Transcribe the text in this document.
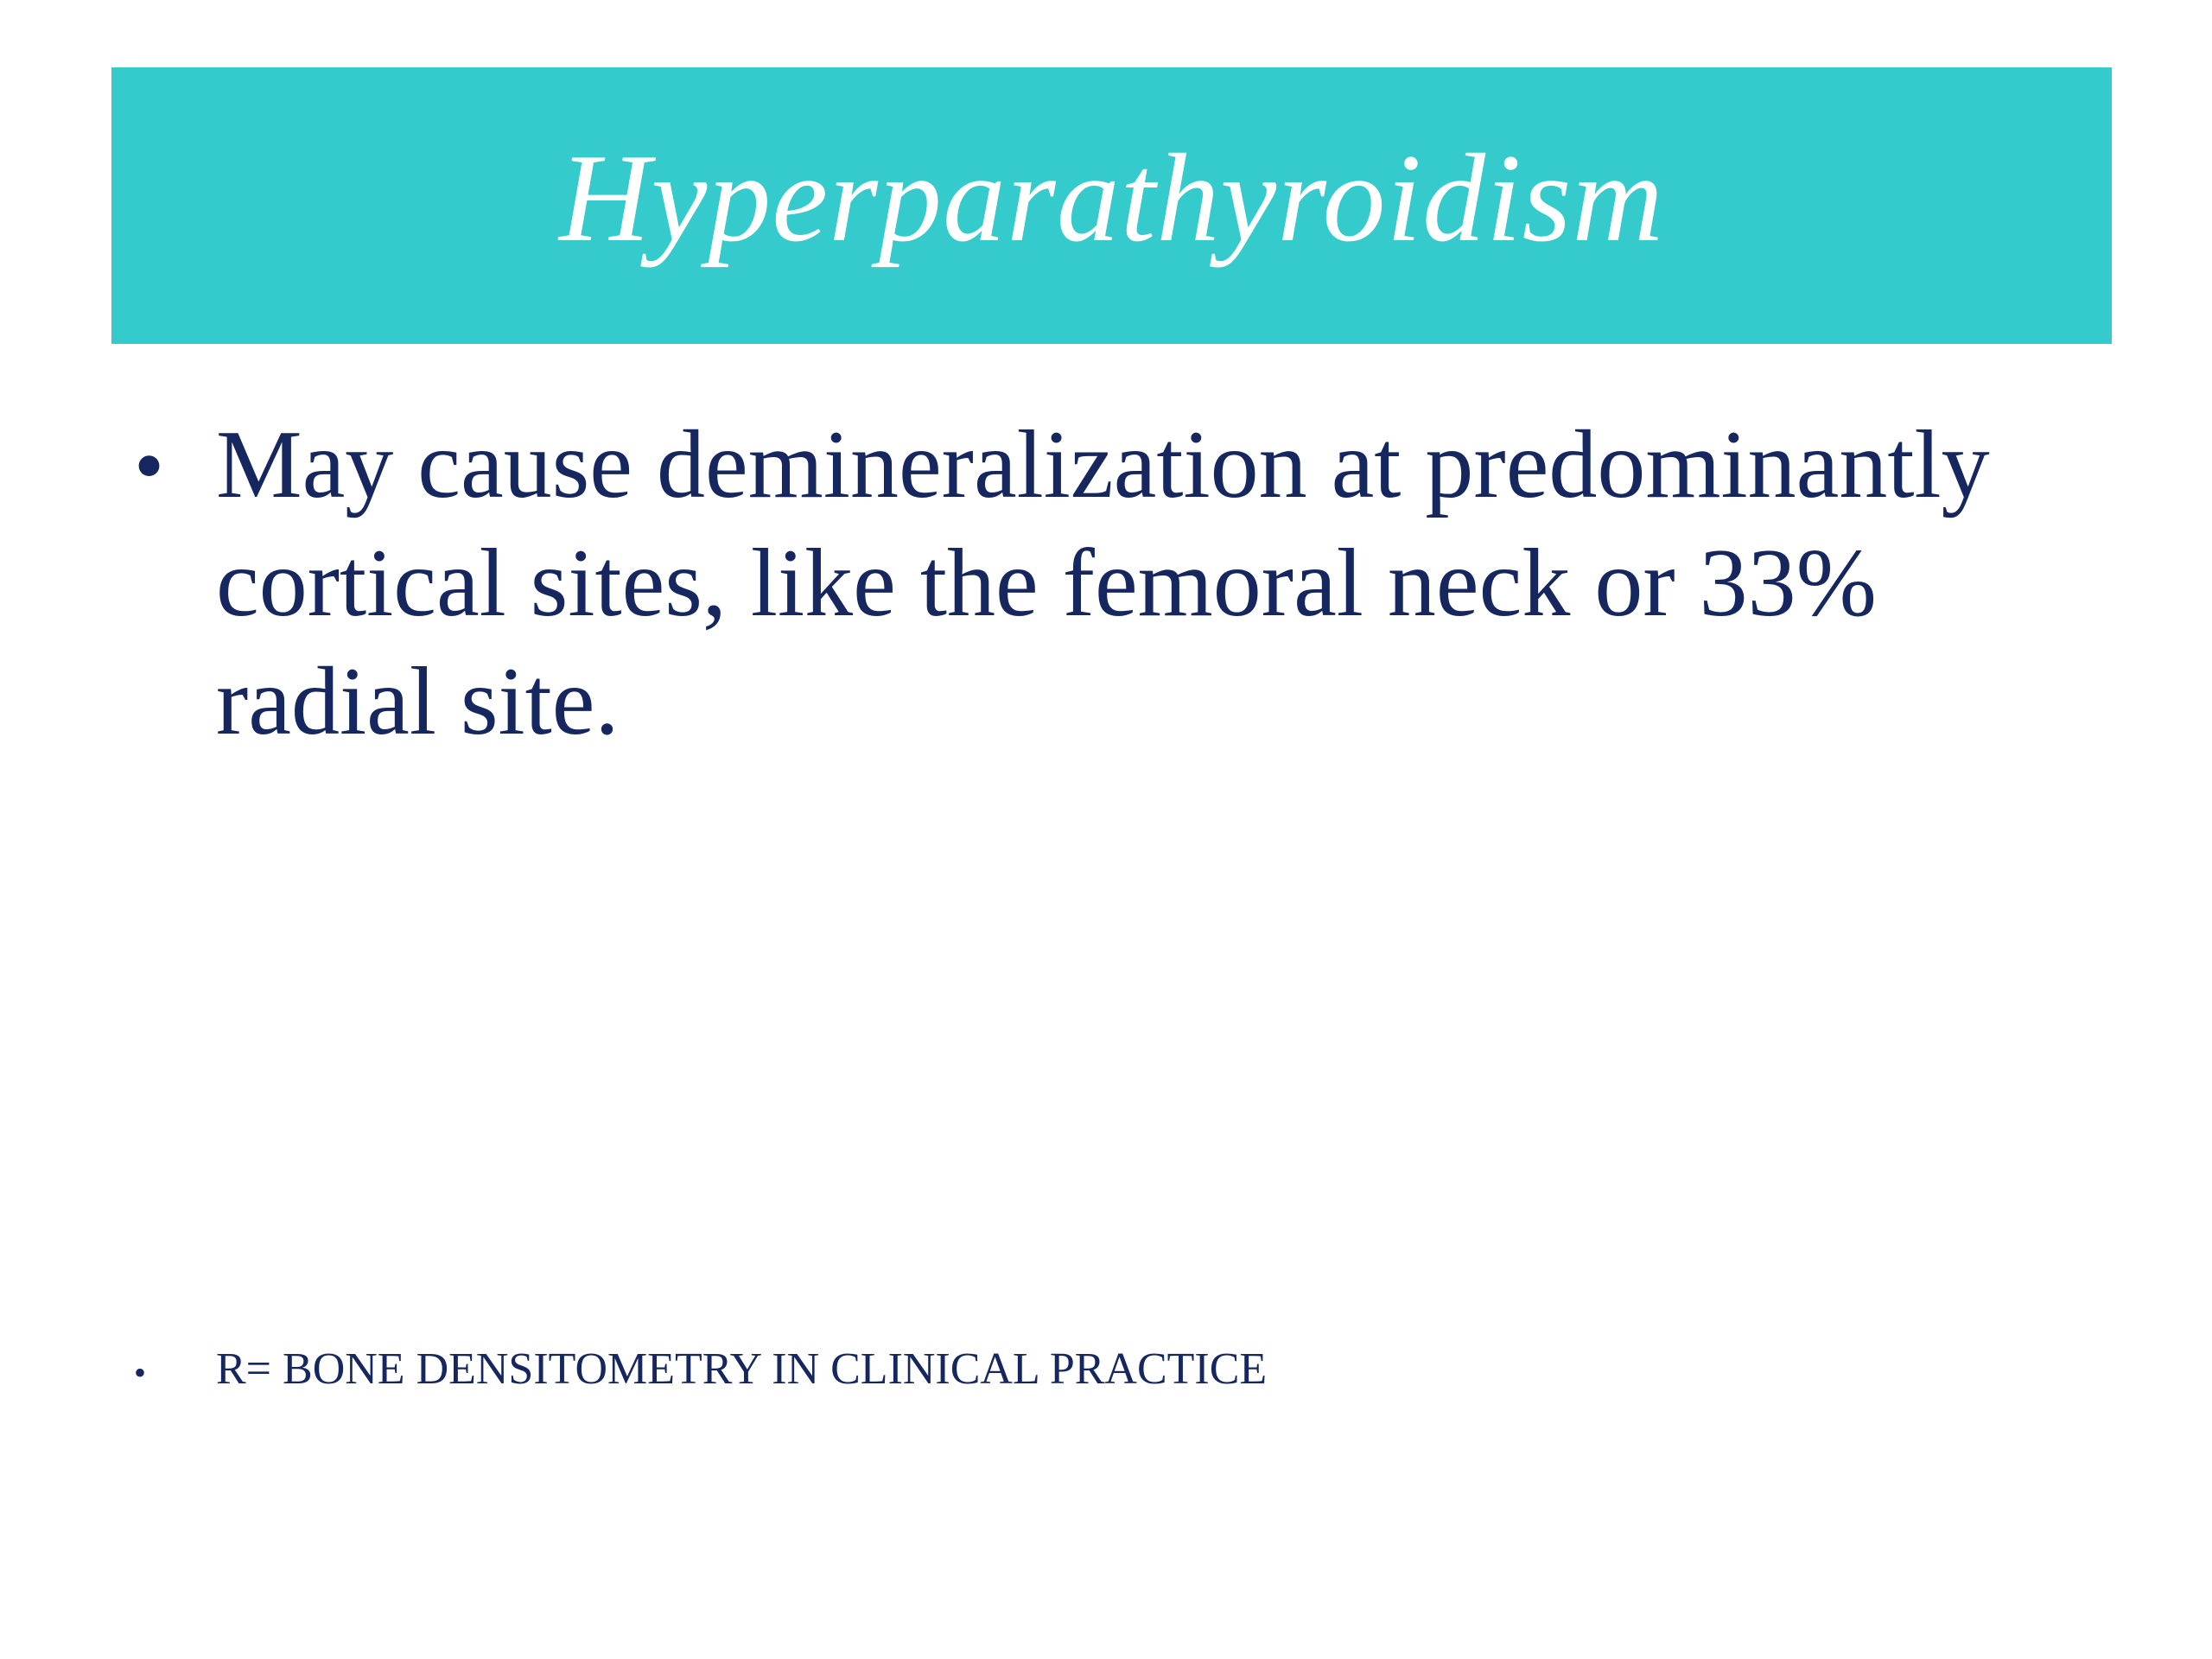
Hyperparathyroidism
• May cause demineralization at predominantly cortical sites, like the femoral neck or 33% radial site.
• R= BONE DENSITOMETRY IN CLINICAL PRACTICE
